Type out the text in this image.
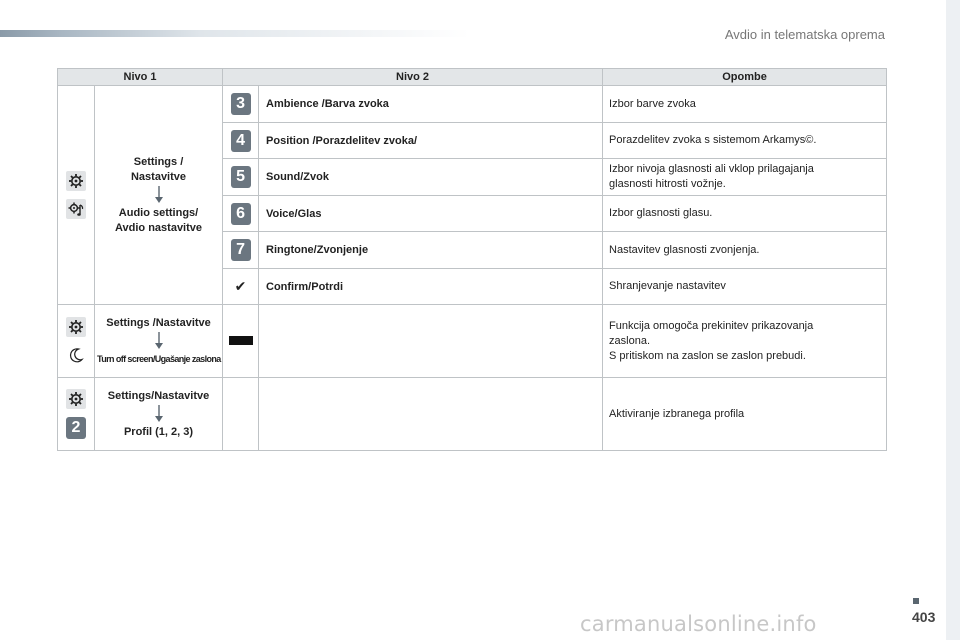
Avdio in telematska oprema
Nivo 1		Nivo 2		Opombe

Settings /
Nastavitve
Audio settings/
Avdio nastavitve	3	Ambience /Barva zvoka	Izbor barve zvoka

		4	Position /Porazdelitev zvoka/	Porazdelitev zvoka s sistemom Arkamys©.

		5	Sound/Zvok	Izbor nivoja glasnosti ali vklop prilagajanja
glasnosti hitrosti vožnje.

		6	Voice/Glas	Izbor glasnosti glasu.

		7	Ringtone/Zvonjenje	Nastavitev glasnosti zvonjenja.

		✔	Confirm/Potrdi	Shranjevanje nastavitev

Settings /Nastavitve
Turn off screen/Ugašanje zaslona			Funkcija omogoča prekinitev prikazovanja
zaslona.
S pritiskom na zaslon se zaslon prebudi.

2	Settings/Nastavitve
Profil (1, 2, 3)			Aktiviranje izbranega profila
403
carmanualsonline.info
